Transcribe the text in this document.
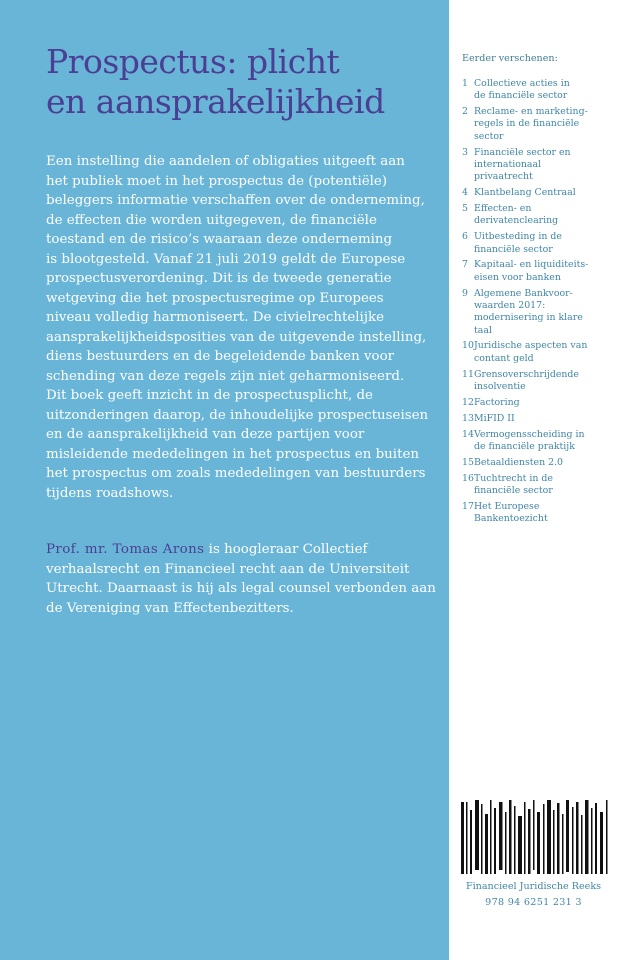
Prospectus: plicht
en aansprakelijkheid
Een instelling die aandelen of obligaties uitgeeft aan
het publiek moet in het prospectus de (potentiële)
beleggers informatie verschaffen over de onderneming,
de effecten die worden uitgegeven, de financiële
toestand en de risico’s waaraan deze onderneming
is blootgesteld. Vanaf 21 juli 2019 geldt de Europese
prospectusverordening. Dit is de tweede generatie
wetgeving die het prospectusregime op Europees
niveau volledig harmoniseert. De civielrechtelijke
aansprakelijkheidsposities van de uitgevende instelling,
diens bestuurders en de begeleidende banken voor
schending van deze regels zijn niet geharmoniseerd.
Dit boek geeft inzicht in de prospectusplicht, de
uitzonderingen daarop, de inhoudelijke prospectuseisen
en de aansprakelijkheid van deze partijen voor
misleidende mededelingen in het prospectus en buiten
het prospectus om zoals mededelingen van bestuurders
tijdens roadshows.
Prof. mr. Tomas Arons is hoogleraar Collectief
verhaalsrecht en Financieel recht aan de Universiteit
Utrecht. Daarnaast is hij als legal counsel verbonden aan
de Vereniging van Effectenbezitters.
Eerder verschenen:
1 Collectieve acties in
de financiële sector
2 Reclame- en marketing-
regels in de financiële
sector
3 Financiële sector en
internationaal
privaatrecht
4 Klantbelang Centraal
5 Effecten- en
derivatenclearing
6 Uitbesteding in de
financiële sector
7 Kapitaal- en liquiditeits-
eisen voor banken
9 Algemene Bankvoor-
waarden 2017:
modernisering in klare
taal
10 Juridische aspecten van
contant geld
11 Grensoverschrijdende
insolventie
12 Factoring
13 MiFID II
14 Vermogensscheiding in
de financiële praktijk
15 Betaaldiensten 2.0
16 Tuchtrecht in de
financiële sector
17 Het Europese
Bankentoezicht
Financieel Juridische Reeks
978 94 6251 231 3
